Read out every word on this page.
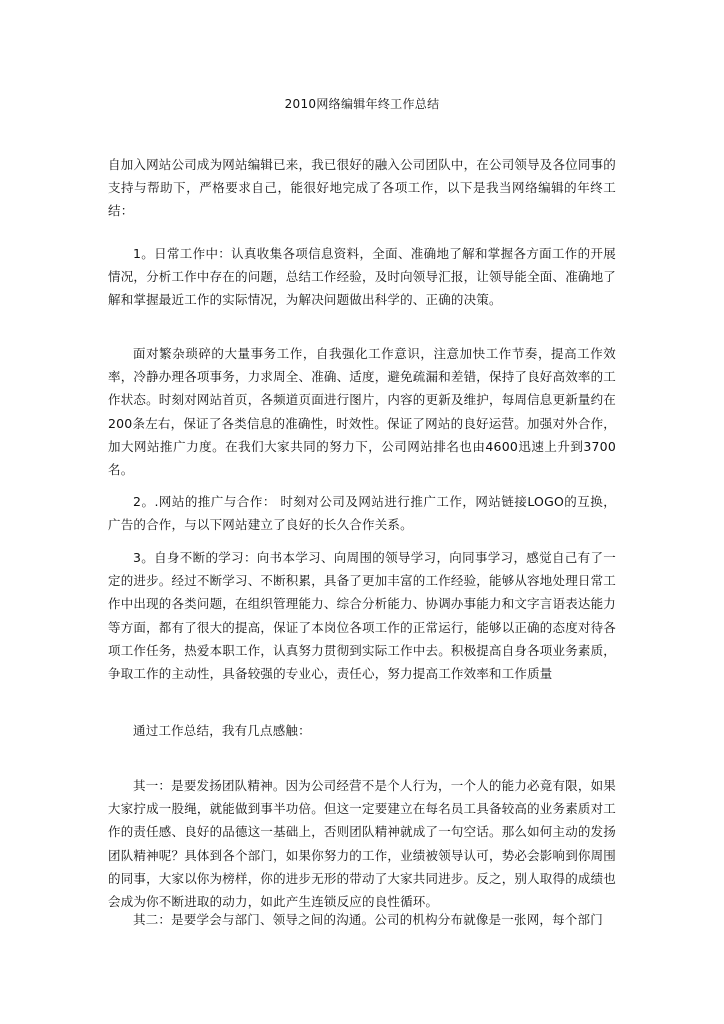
2010网络编辑年终工作总结

自加入网站公司成为网站编辑已来，我已很好的融入公司团队中，在公司领导及各位同事的支持与帮助下，严格要求自己，能很好地完成了各项工作，以下是我当网络编辑的年终工结：

1。日常工作中：认真收集各项信息资料，全面、准确地了解和掌握各方面工作的开展情况，分析工作中存在的问题，总结工作经验，及时向领导汇报，让领导能全面、准确地了解和掌握最近工作的实际情况，为解决问题做出科学的、正确的决策。

面对繁杂琐碎的大量事务工作，自我强化工作意识，注意加快工作节奏，提高工作效率，冷静办理各项事务，力求周全、准确、适度，避免疏漏和差错，保持了良好高效率的工作状态。时刻对网站首页，各频道页面进行图片，内容的更新及维护，每周信息更新量约在200条左右，保证了各类信息的准确性，时效性。保证了网站的良好运营。加强对外合作，加大网站推广力度。在我们大家共同的努力下，公司网站排名也由4600迅速上升到3700名。

2。.网站的推广与合作： 时刻对公司及网站进行推广工作，网站链接LOGO的互换，广告的合作，与以下网站建立了良好的长久合作关系。

3。自身不断的学习：向书本学习、向周围的领导学习，向同事学习，感觉自己有了一定的进步。经过不断学习、不断积累，具备了更加丰富的工作经验，能够从容地处理日常工作中出现的各类问题，在组织管理能力、综合分析能力、协调办事能力和文字言语表达能力等方面，都有了很大的提高，保证了本岗位各项工作的正常运行，能够以正确的态度对待各项工作任务，热爱本职工作，认真努力贯彻到实际工作中去。积极提高自身各项业务素质，争取工作的主动性，具备较强的专业心，责任心，努力提高工作效率和工作质量

通过工作总结，我有几点感触：

其一：是要发扬团队精神。因为公司经营不是个人行为，一个人的能力必竟有限，如果大家拧成一股绳，就能做到事半功倍。但这一定要建立在每名员工具备较高的业务素质对工作的责任感、良好的品德这一基础上，否则团队精神就成了一句空话。那么如何主动的发扬团队精神呢？具体到各个部门，如果你努力的工作，业绩被领导认可，势必会影响到你周围的同事，大家以你为榜样，你的进步无形的带动了大家共同进步。反之，别人取得的成绩也会成为你不断进取的动力，如此产生连锁反应的良性循环。

其二：是要学会与部门、领导之间的沟通。公司的机构分布就像是一张网，每个部门
